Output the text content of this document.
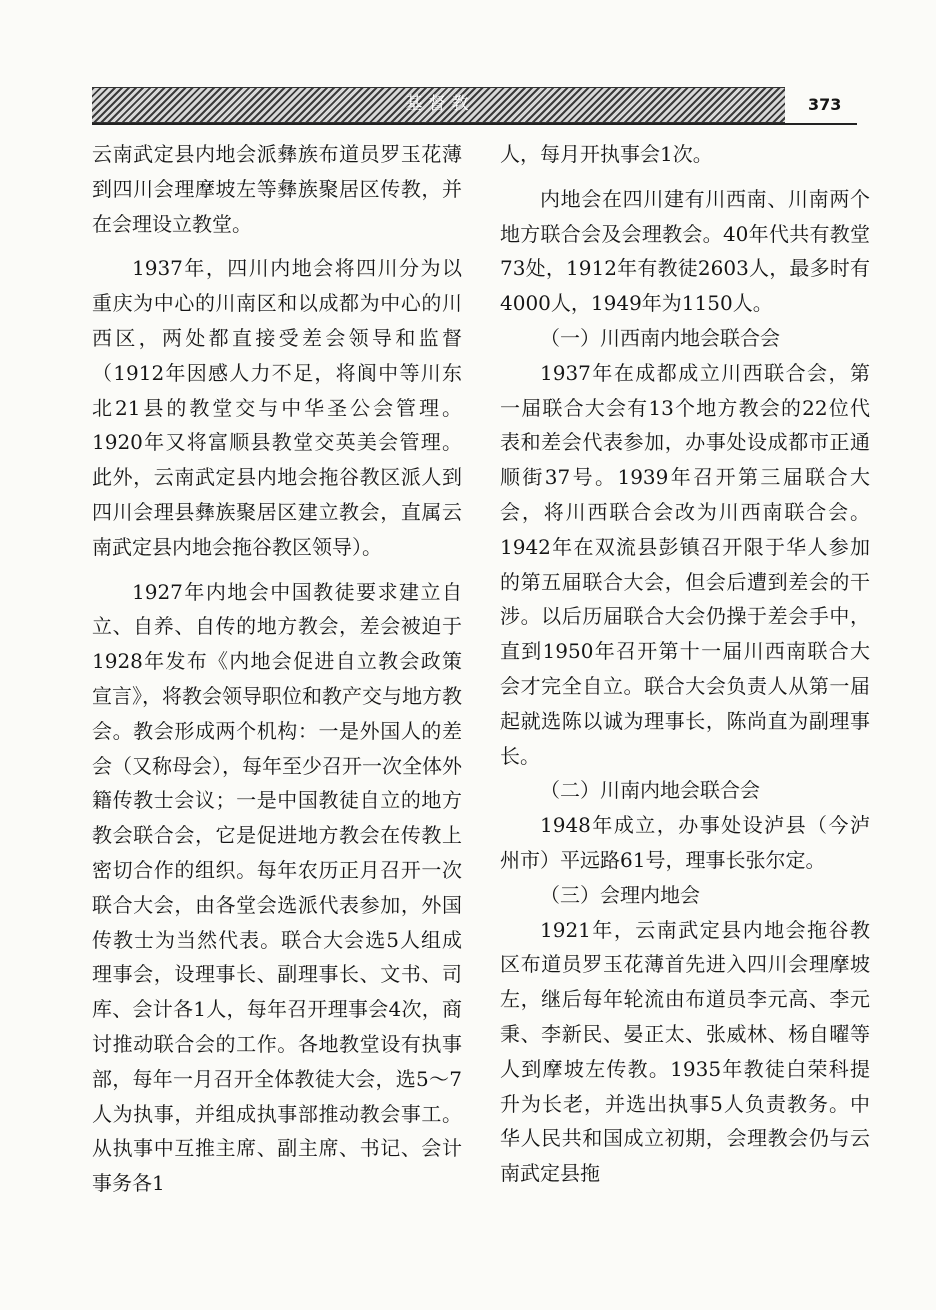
基督教	373

云南武定县内地会派彝族布道员罗玉花薄到四川会理摩坡左等彝族聚居区传教，并在会理设立教堂。

1937年，四川内地会将四川分为以重庆为中心的川南区和以成都为中心的川西区，两处都直接受差会领导和监督（1912年因感人力不足，将阆中等川东北21县的教堂交与中华圣公会管理。1920年又将富顺县教堂交英美会管理。此外，云南武定县内地会拖谷教区派人到四川会理县彝族聚居区建立教会，直属云南武定县内地会拖谷教区领导）。

1927年内地会中国教徒要求建立自立、自养、自传的地方教会，差会被迫于1928年发布《内地会促进自立教会政策宣言》，将教会领导职位和教产交与地方教会。教会形成两个机构：一是外国人的差会（又称母会），每年至少召开一次全体外籍传教士会议；一是中国教徒自立的地方教会联合会，它是促进地方教会在传教上密切合作的组织。每年农历正月召开一次联合大会，由各堂会选派代表参加，外国传教士为当然代表。联合大会选5人组成理事会，设理事长、副理事长、文书、司库、会计各1人，每年召开理事会4次，商讨推动联合会的工作。各地教堂设有执事部，每年一月召开全体教徒大会，选5～7人为执事，并组成执事部推动教会事工。从执事中互推主席、副主席、书记、会计事务各1

人，每月开执事会1次。

内地会在四川建有川西南、川南两个地方联合会及会理教会。40年代共有教堂73处，1912年有教徒2603人，最多时有4000人，1949年为1150人。

（一）川西南内地会联合会

1937年在成都成立川西联合会，第一届联合大会有13个地方教会的22位代表和差会代表参加，办事处设成都市正通顺街37号。1939年召开第三届联合大会，将川西联合会改为川西南联合会。1942年在双流县彭镇召开限于华人参加的第五届联合大会，但会后遭到差会的干涉。以后历届联合大会仍操于差会手中，直到1950年召开第十一届川西南联合大会才完全自立。联合大会负责人从第一届起就选陈以诚为理事长，陈尚直为副理事长。

（二）川南内地会联合会

1948年成立，办事处设泸县（今泸州市）平远路61号，理事长张尔定。

（三）会理内地会

1921年，云南武定县内地会拖谷教区布道员罗玉花薄首先进入四川会理摩坡左，继后每年轮流由布道员李元高、李元秉、李新民、晏正太、张威林、杨自曜等人到摩坡左传教。1935年教徒白荣科提升为长老，并选出执事5人负责教务。中华人民共和国成立初期，会理教会仍与云南武定县拖
